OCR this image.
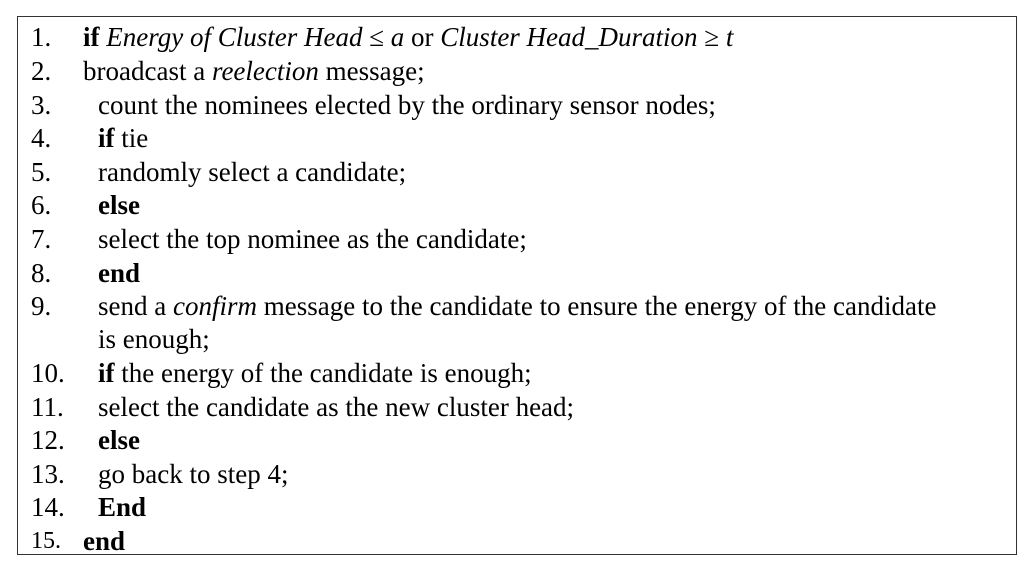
1. if Energy of Cluster Head ≤ a or Cluster Head_Duration ≥ t
2. broadcast a reelection message;
3. count the nominees elected by the ordinary sensor nodes;
4. if tie
5. randomly select a candidate;
6. else
7. select the top nominee as the candidate;
8. end
9. send a confirm message to the candidate to ensure the energy of the candidate
is enough;
10. if the energy of the candidate is enough;
11. select the candidate as the new cluster head;
12. else
13. go back to step 4;
14. End
15. end
